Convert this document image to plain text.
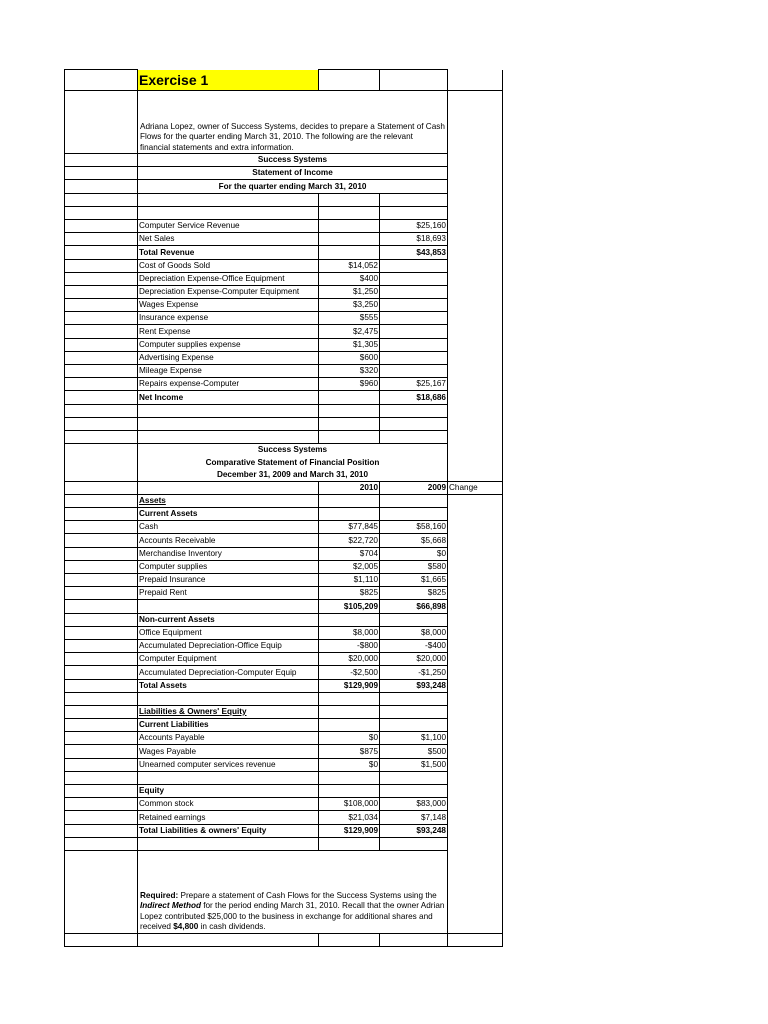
	Exercise 1			
	Adriana Lopez, owner of Success Systems, decides to prepare a Statement of Cash Flows for the quarter ending March 31, 2010. The following are the relevant financial statements and extra information.			
	Success Systems			
	Statement of Income			
	For the quarter ending March 31, 2010			

	Computer Service Revenue		$25,160	
	Net Sales		$18,693	
	Total Revenue		$43,853	
	Cost of Goods Sold	$14,052		
	Depreciation Expense-Office Equipment	$400		
	Depreciation Expense-Computer Equipment	$1,250		
	Wages Expense	$3,250		
	Insurance expense	$555		
	Rent Expense	$2,475		
	Computer supplies expense	$1,305		
	Advertising Expense	$600		
	Mileage Expense	$320		
	Repairs expense-Computer	$960	$25,167	
	Net Income		$18,686	

	Success Systems			
	Comparative Statement of Financial Position			
	December 31, 2009 and March 31, 2010			
		2010	2009	Change
	Assets			
	Current Assets			
	Cash	$77,845	$58,160	
	Accounts Receivable	$22,720	$5,668	
	Merchandise Inventory	$704	$0	
	Computer supplies	$2,005	$580	
	Prepaid Insurance	$1,110	$1,665	
	Prepaid Rent	$825	$825	
		$105,209	$66,898	
	Non-current Assets			
	Office Equipment	$8,000	$8,000	
	Accumulated Depreciation-Office Equip	-$800	-$400	
	Computer Equipment	$20,000	$20,000	
	Accumulated Depreciation-Computer Equip	-$2,500	-$1,250	
	Total Assets	$129,909	$93,248	

	Liabilities & Owners' Equity			
	Current Liabilities			
	Accounts Payable	$0	$1,100	
	Wages Payable	$875	$500	
	Unearned computer services revenue	$0	$1,500	

	Equity			
	Common stock	$108,000	$83,000	
	Retained earnings	$21,034	$7,148	
	Total Liabilities & owners' Equity	$129,909	$93,248	

	Required: Prepare a statement of Cash Flows for the Success Systems using the Indirect Method for the period ending March 31, 2010. Recall that the owner Adrian Lopez contributed $25,000 to the business in exchange for additional shares and received $4,800 in cash dividends.			
